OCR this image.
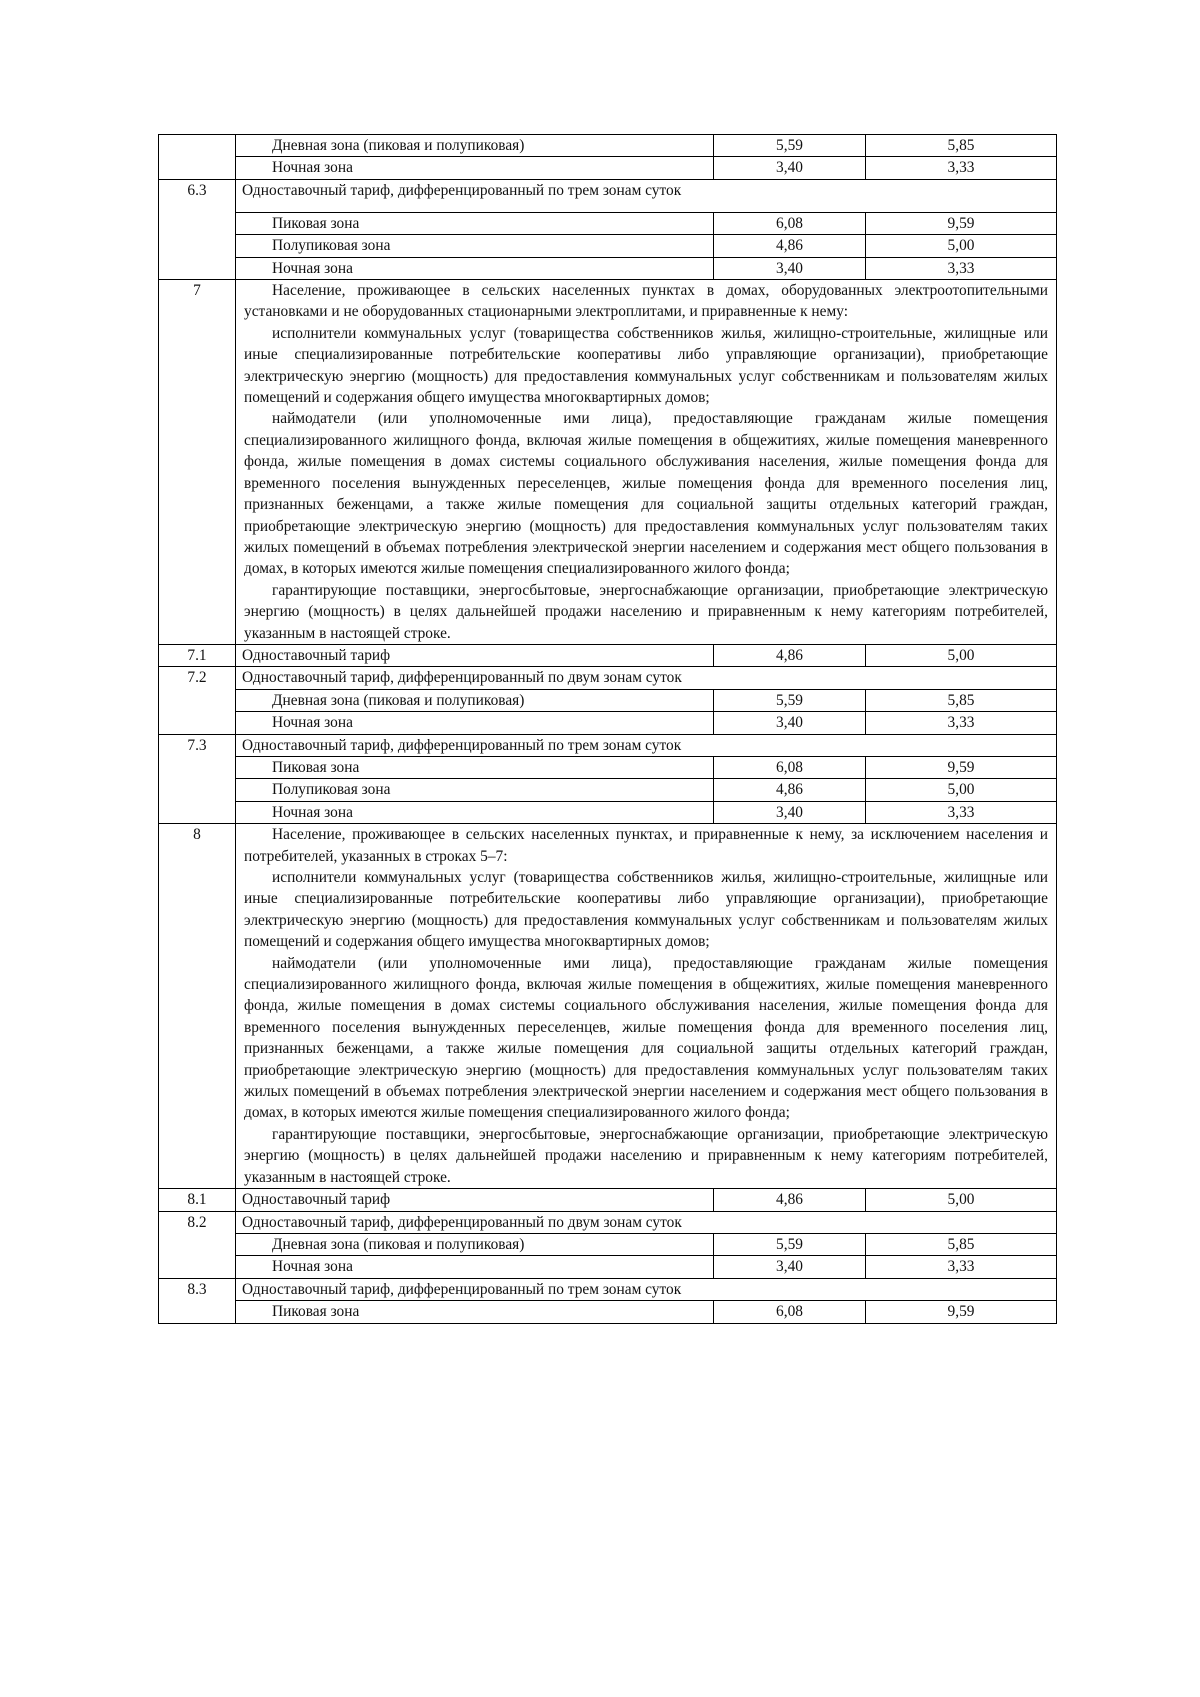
	Дневная зона (пиковая и полупиковая)	5,59	5,85
	Ночная зона	3,40	3,33
6.3	Одноставочный тариф, дифференцированный по трем зонам суток		
	Пиковая зона	6,08	9,59
	Полупиковая зона	4,86	5,00
	Ночная зона	3,40	3,33
7	Население, проживающее в сельских населенных пунктах в домах, оборудованных электроотопительными установками и не оборудованных стационарными электроплитами, и приравненные к нему:

исполнители коммунальных услуг (товарищества собственников жилья, жилищно-строительные, жилищные или иные специализированные потребительские кооперативы либо управляющие организации), приобретающие электрическую энергию (мощность) для предоставления коммунальных услуг собственникам и пользователям жилых помещений и содержания общего имущества многоквартирных домов;

наймодатели (или уполномоченные ими лица), предоставляющие гражданам жилые помещения специализированного жилищного фонда, включая жилые помещения в общежитиях, жилые помещения маневренного фонда, жилые помещения в домах системы социального обслуживания населения, жилые помещения фонда для временного поселения вынужденных переселенцев, жилые помещения фонда для временного поселения лиц, признанных беженцами, а также жилые помещения для социальной защиты отдельных категорий граждан, приобретающие электрическую энергию (мощность) для предоставления коммунальных услуг пользователям таких жилых помещений в объемах потребления электрической энергии населением и содержания мест общего пользования в домах, в которых имеются жилые помещения специализированного жилого фонда;

гарантирующие поставщики, энергосбытовые, энергоснабжающие организации, приобретающие электрическую энергию (мощность) в целях дальнейшей продажи населению и приравненным к нему категориям потребителей, указанным в настоящей строке.		

7.1	Одноставочный тариф	4,86	5,00
7.2	Одноставочный тариф, дифференцированный по двум зонам суток		
	Дневная зона (пиковая и полупиковая)	5,59	5,85
	Ночная зона	3,40	3,33
7.3	Одноставочный тариф, дифференцированный по трем зонам суток		
	Пиковая зона	6,08	9,59
	Полупиковая зона	4,86	5,00
	Ночная зона	3,40	3,33
8	Население, проживающее в сельских населенных пунктах, и приравненные к нему, за исключением населения и потребителей, указанных в строках 5–7:

исполнители коммунальных услуг (товарищества собственников жилья, жилищно-строительные, жилищные или иные специализированные потребительские кооперативы либо управляющие организации), приобретающие электрическую энергию (мощность) для предоставления коммунальных услуг собственникам и пользователям жилых помещений и содержания общего имущества многоквартирных домов;

наймодатели (или уполномоченные ими лица), предоставляющие гражданам жилые помещения специализированного жилищного фонда, включая жилые помещения в общежитиях, жилые помещения маневренного фонда, жилые помещения в домах системы социального обслуживания населения, жилые помещения фонда для временного поселения вынужденных переселенцев, жилые помещения фонда для временного поселения лиц, признанных беженцами, а также жилые помещения для социальной защиты отдельных категорий граждан, приобретающие электрическую энергию (мощность) для предоставления коммунальных услуг пользователям таких жилых помещений в объемах потребления электрической энергии населением и содержания мест общего пользования в домах, в которых имеются жилые помещения специализированного жилого фонда;

гарантирующие поставщики, энергосбытовые, энергоснабжающие организации, приобретающие электрическую энергию (мощность) в целях дальнейшей продажи населению и приравненным к нему категориям потребителей, указанным в настоящей строке.		

8.1	Одноставочный тариф	4,86	5,00
8.2	Одноставочный тариф, дифференцированный по двум зонам суток		
	Дневная зона (пиковая и полупиковая)	5,59	5,85
	Ночная зона	3,40	3,33
8.3	Одноставочный тариф, дифференцированный по трем зонам суток		
	Пиковая зона	6,08	9,59
